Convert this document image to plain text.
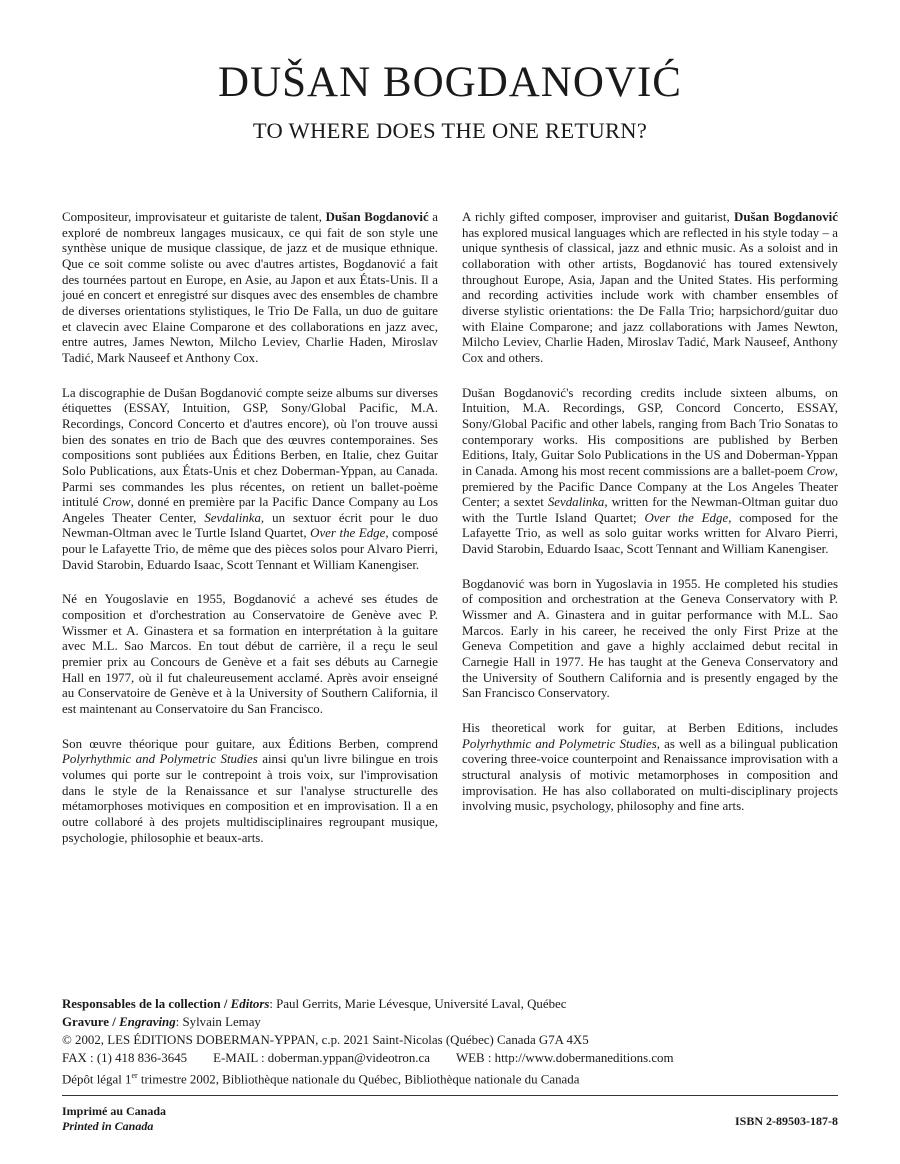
DUŠAN BOGDANOVIĆ
TO WHERE DOES THE ONE RETURN?

Compositeur, improvisateur et guitariste de talent, Dušan Bogdanović a exploré de nombreux langages musicaux, ce qui fait de son style une synthèse unique de musique classique, de jazz et de musique ethnique. Que ce soit comme soliste ou avec d'autres artistes, Bogdanović a fait des tournées partout en Europe, en Asie, au Japon et aux États-Unis. Il a joué en concert et enregistré sur disques avec des ensembles de chambre de diverses orientations stylistiques, le Trio De Falla, un duo de guitare et clavecin avec Elaine Comparone et des collaborations en jazz avec, entre autres, James Newton, Milcho Leviev, Charlie Haden, Miroslav Tadić, Mark Nauseef et Anthony Cox.

La discographie de Dušan Bogdanović compte seize albums sur diverses étiquettes (ESSAY, Intuition, GSP, Sony/Global Pacific, M.A. Recordings, Concord Concerto et d'autres encore), où l'on trouve aussi bien des sonates en trio de Bach que des œuvres contemporaines. Ses compositions sont publiées aux Éditions Berben, en Italie, chez Guitar Solo Publications, aux États-Unis et chez Doberman-Yppan, au Canada. Parmi ses commandes les plus récentes, on retient un ballet-poème intitulé Crow, donné en première par la Pacific Dance Company au Los Angeles Theater Center, Sevdalinka, un sextuor écrit pour le duo Newman-Oltman avec le Turtle Island Quartet, Over the Edge, composé pour le Lafayette Trio, de même que des pièces solos pour Alvaro Pierri, David Starobin, Eduardo Isaac, Scott Tennant et William Kanengiser.

Né en Yougoslavie en 1955, Bogdanović a achevé ses études de composition et d'orchestration au Conservatoire de Genève avec P. Wissmer et A. Ginastera et sa formation en interprétation à la guitare avec M.L. Sao Marcos. En tout début de carrière, il a reçu le seul premier prix au Concours de Genève et a fait ses débuts au Carnegie Hall en 1977, où il fut chaleureusement acclamé. Après avoir enseigné au Conservatoire de Genève et à la University of Southern California, il est maintenant au Conservatoire du San Francisco.

Son œuvre théorique pour guitare, aux Éditions Berben, comprend Polyrhythmic and Polymetric Studies ainsi qu'un livre bilingue en trois volumes qui porte sur le contrepoint à trois voix, sur l'improvisation dans le style de la Renaissance et sur l'analyse structurelle des métamorphoses motiviques en composition et en improvisation. Il a en outre collaboré à des projets multidisciplinaires regroupant musique, psychologie, philosophie et beaux-arts.

A richly gifted composer, improviser and guitarist, Dušan Bogdanović has explored musical languages which are reflected in his style today – a unique synthesis of classical, jazz and ethnic music. As a soloist and in collaboration with other artists, Bogdanović has toured extensively throughout Europe, Asia, Japan and the United States. His performing and recording activities include work with chamber ensembles of diverse stylistic orientations: the De Falla Trio; harpsichord/guitar duo with Elaine Comparone; and jazz collaborations with James Newton, Milcho Leviev, Charlie Haden, Miroslav Tadić, Mark Nauseef, Anthony Cox and others.

Dušan Bogdanović's recording credits include sixteen albums, on Intuition, M.A. Recordings, GSP, Concord Concerto, ESSAY, Sony/Global Pacific and other labels, ranging from Bach Trio Sonatas to contemporary works. His compositions are published by Berben Editions, Italy, Guitar Solo Publications in the US and Doberman-Yppan in Canada. Among his most recent commissions are a ballet-poem Crow, premiered by the Pacific Dance Company at the Los Angeles Theater Center; a sextet Sevdalinka, written for the Newman-Oltman guitar duo with the Turtle Island Quartet; Over the Edge, composed for the Lafayette Trio, as well as solo guitar works written for Alvaro Pierri, David Starobin, Eduardo Isaac, Scott Tennant and William Kanengiser.

Bogdanović was born in Yugoslavia in 1955. He completed his studies of composition and orchestration at the Geneva Conservatory with P. Wissmer and A. Ginastera and in guitar performance with M.L. Sao Marcos. Early in his career, he received the only First Prize at the Geneva Competition and gave a highly acclaimed debut recital in Carnegie Hall in 1977. He has taught at the Geneva Conservatory and the University of Southern California and is presently engaged by the San Francisco Conservatory.

His theoretical work for guitar, at Berben Editions, includes Polyrhythmic and Polymetric Studies, as well as a bilingual publication covering three-voice counterpoint and Renaissance improvisation with a structural analysis of motivic metamorphoses in composition and improvisation. He has also collaborated on multi-disciplinary projects involving music, psychology, philosophy and fine arts.

Responsables de la collection / Editors: Paul Gerrits, Marie Lévesque, Université Laval, Québec
Gravure / Engraving: Sylvain Lemay
© 2002, LES ÉDITIONS DOBERMAN-YPPAN, c.p. 2021 Saint-Nicolas (Québec) Canada G7A 4X5
FAX : (1) 418 836-3645 E-MAIL : doberman.yppan@videotron.ca WEB : http://www.dobermaneditions.com
Dépôt légal 1er trimestre 2002, Bibliothèque nationale du Québec, Bibliothèque nationale du Canada
Imprimé au Canada
Printed in Canada	ISBN 2-89503-187-8
